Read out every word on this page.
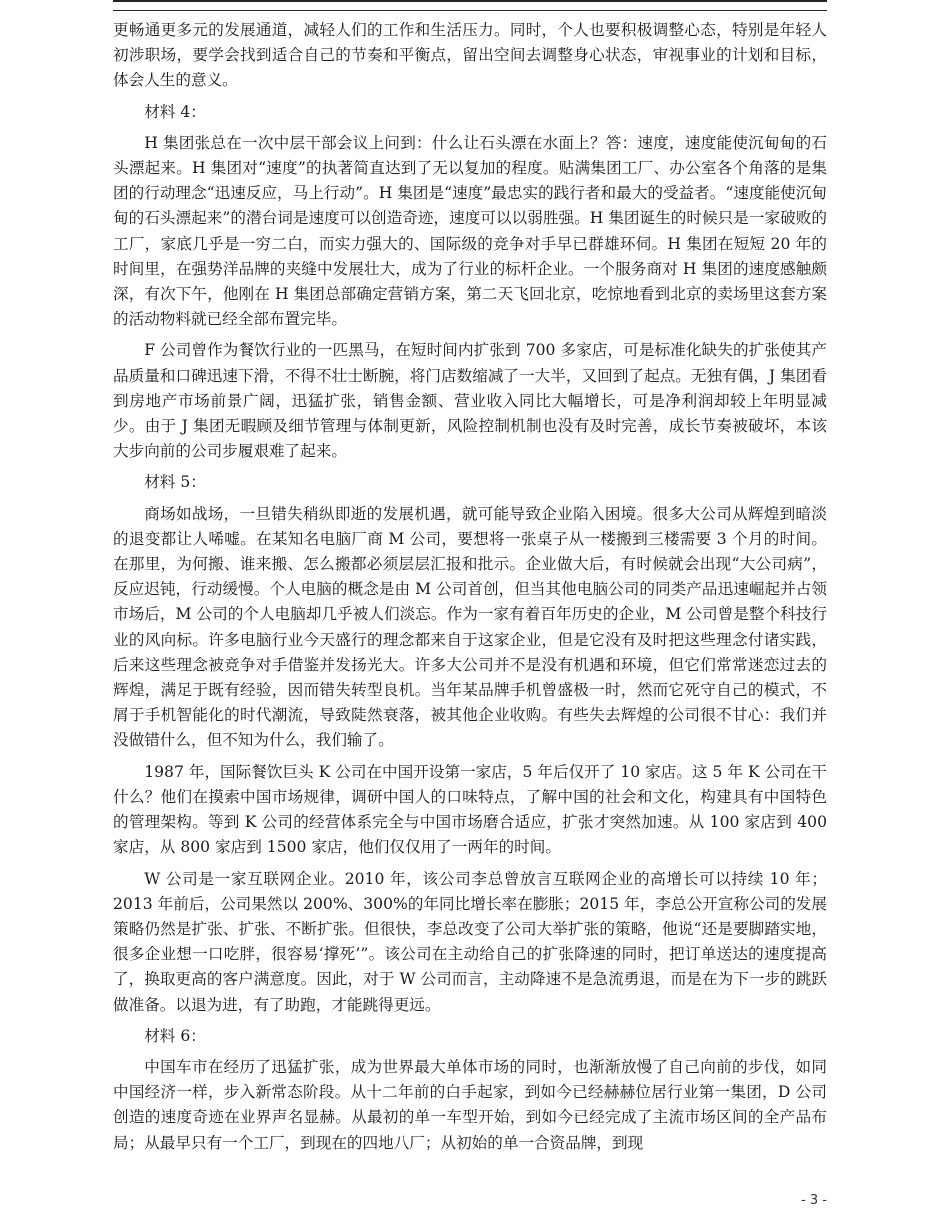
更畅通更多元的发展通道，减轻人们的工作和生活压力。同时，个人也要积极调整心态，特别是年轻人初涉职场，要学会找到适合自己的节奏和平衡点，留出空间去调整身心状态，审视事业的计划和目标，体会人生的意义。

材料 4：

H 集团张总在一次中层干部会议上问到：什么让石头漂在水面上？答：速度，速度能使沉甸甸的石头漂起来。H 集团对“速度”的执著简直达到了无以复加的程度。贴满集团工厂、办公室各个角落的是集团的行动理念“迅速反应，马上行动”。H 集团是“速度”最忠实的践行者和最大的受益者。“速度能使沉甸甸的石头漂起来”的潜台词是速度可以创造奇迹，速度可以以弱胜强。H 集团诞生的时候只是一家破败的工厂，家底几乎是一穷二白，而实力强大的、国际级的竞争对手早已群雄环伺。H 集团在短短 20 年的时间里，在强势洋品牌的夹缝中发展壮大，成为了行业的标杆企业。一个服务商对 H 集团的速度感触颇深，有次下午，他刚在 H 集团总部确定营销方案，第二天飞回北京，吃惊地看到北京的卖场里这套方案的活动物料就已经全部布置完毕。

F 公司曾作为餐饮行业的一匹黑马，在短时间内扩张到 700 多家店，可是标准化缺失的扩张使其产品质量和口碑迅速下滑，不得不壮士断腕，将门店数缩减了一大半，又回到了起点。无独有偶，J 集团看到房地产市场前景广阔，迅猛扩张，销售金额、营业收入同比大幅增长，可是净利润却较上年明显减少。由于 J 集团无暇顾及细节管理与体制更新，风险控制机制也没有及时完善，成长节奏被破坏，本该大步向前的公司步履艰难了起来。

材料 5：

商场如战场，一旦错失稍纵即逝的发展机遇，就可能导致企业陷入困境。很多大公司从辉煌到暗淡的退变都让人唏嘘。在某知名电脑厂商 M 公司，要想将一张桌子从一楼搬到三楼需要 3 个月的时间。在那里，为何搬、谁来搬、怎么搬都必须层层汇报和批示。企业做大后，有时候就会出现“大公司病”，反应迟钝，行动缓慢。个人电脑的概念是由 M 公司首创，但当其他电脑公司的同类产品迅速崛起并占领市场后，M 公司的个人电脑却几乎被人们淡忘。作为一家有着百年历史的企业，M 公司曾是整个科技行业的风向标。许多电脑行业今天盛行的理念都来自于这家企业，但是它没有及时把这些理念付诸实践，后来这些理念被竞争对手借鉴并发扬光大。许多大公司并不是没有机遇和环境，但它们常常迷恋过去的辉煌，满足于既有经验，因而错失转型良机。当年某品牌手机曾盛极一时，然而它死守自己的模式，不屑于手机智能化的时代潮流，导致陡然衰落，被其他企业收购。有些失去辉煌的公司很不甘心：我们并没做错什么，但不知为什么，我们输了。

1987 年，国际餐饮巨头 K 公司在中国开设第一家店，5 年后仅开了 10 家店。这 5 年 K 公司在干什么？他们在摸索中国市场规律，调研中国人的口味特点，了解中国的社会和文化，构建具有中国特色的管理架构。等到 K 公司的经营体系完全与中国市场磨合适应，扩张才突然加速。从 100 家店到 400 家店，从 800 家店到 1500 家店，他们仅仅用了一两年的时间。

W 公司是一家互联网企业。2010 年，该公司李总曾放言互联网企业的高增长可以持续 10 年；2013 年前后，公司果然以 200%、300%的年同比增长率在膨胀；2015 年，李总公开宣称公司的发展策略仍然是扩张、扩张、不断扩张。但很快，李总改变了公司大举扩张的策略，他说“还是要脚踏实地，很多企业想一口吃胖，很容易‘撑死’”。该公司在主动给自己的扩张降速的同时，把订单送达的速度提高了，换取更高的客户满意度。因此，对于 W 公司而言，主动降速不是急流勇退，而是在为下一步的跳跃做准备。以退为进，有了助跑，才能跳得更远。

材料 6：

中国车市在经历了迅猛扩张，成为世界最大单体市场的同时，也渐渐放慢了自己向前的步伐，如同中国经济一样，步入新常态阶段。从十二年前的白手起家，到如今已经赫赫位居行业第一集团，D 公司创造的速度奇迹在业界声名显赫。从最初的单一车型开始，到如今已经完成了主流市场区间的全产品布局；从最早只有一个工厂，到现在的四地八厂；从初始的单一合资品牌，到现

- 3 -
